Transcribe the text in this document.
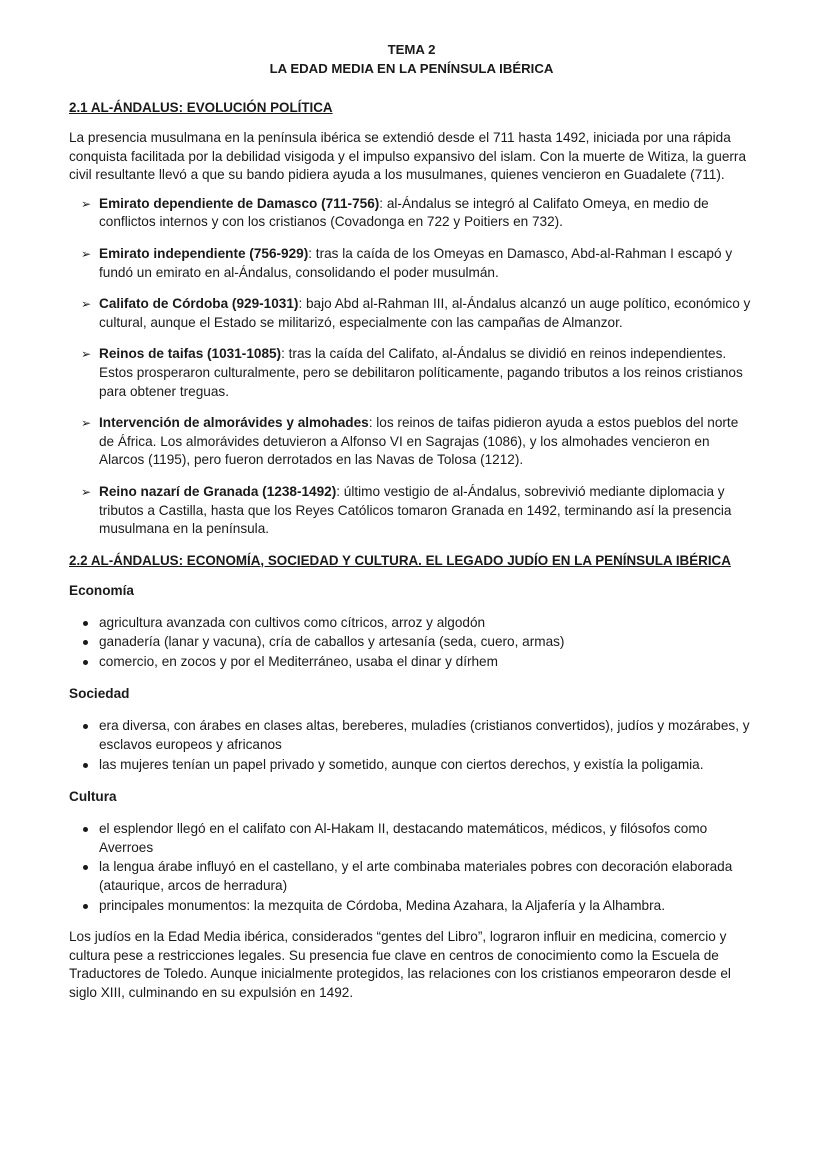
TEMA 2
LA EDAD MEDIA EN LA PENÍNSULA IBÉRICA
2.1 AL-ÁNDALUS: EVOLUCIÓN POLÍTICA

La presencia musulmana en la península ibérica se extendió desde el 711 hasta 1492, iniciada por una rápida conquista facilitada por la debilidad visigoda y el impulso expansivo del islam. Con la muerte de Witiza, la guerra civil resultante llevó a que su bando pidiera ayuda a los musulmanes, quienes vencieron en Guadalete (711).

➢ Emirato dependiente de Damasco (711-756): al-Ándalus se integró al Califato Omeya, en medio de conflictos internos y con los cristianos (Covadonga en 722 y Poitiers en 732).
➢ Emirato independiente (756-929): tras la caída de los Omeyas en Damasco, Abd-al-Rahman I escapó y fundó un emirato en al-Ándalus, consolidando el poder musulmán.
➢ Califato de Córdoba (929-1031): bajo Abd al-Rahman III, al-Ándalus alcanzó un auge político, económico y cultural, aunque el Estado se militarizó, especialmente con las campañas de Almanzor.
➢ Reinos de taifas (1031-1085): tras la caída del Califato, al-Ándalus se dividió en reinos independientes. Estos prosperaron culturalmente, pero se debilitaron políticamente, pagando tributos a los reinos cristianos para obtener treguas.
➢ Intervención de almorávides y almohades: los reinos de taifas pidieron ayuda a estos pueblos del norte de África. Los almorávides detuvieron a Alfonso VI en Sagrajas (1086), y los almohades vencieron en Alarcos (1195), pero fueron derrotados en las Navas de Tolosa (1212).
➢ Reino nazarí de Granada (1238-1492): último vestigio de al-Ándalus, sobrevivió mediante diplomacia y tributos a Castilla, hasta que los Reyes Católicos tomaron Granada en 1492, terminando así la presencia musulmana en la península.
2.2 AL-ÁNDALUS: ECONOMÍA, SOCIEDAD Y CULTURA. EL LEGADO JUDÍO EN LA PENÍNSULA IBÉRICA
Economía
agricultura avanzada con cultivos como cítricos, arroz y algodón
ganadería (lanar y vacuna), cría de caballos y artesanía (seda, cuero, armas)
comercio, en zocos y por el Mediterráneo, usaba el dinar y dírhem
Sociedad
era diversa, con árabes en clases altas, bereberes, muladíes (cristianos convertidos), judíos y mozárabes, y esclavos europeos y africanos
las mujeres tenían un papel privado y sometido, aunque con ciertos derechos, y existía la poligamia.
Cultura
el esplendor llegó en el califato con Al-Hakam II, destacando matemáticos, médicos, y filósofos como Averroes
la lengua árabe influyó en el castellano, y el arte combinaba materiales pobres con decoración elaborada (ataurique, arcos de herradura)
principales monumentos: la mezquita de Córdoba, Medina Azahara, la Aljafería y la Alhambra.

Los judíos en la Edad Media ibérica, considerados “gentes del Libro”, lograron influir en medicina, comercio y cultura pese a restricciones legales. Su presencia fue clave en centros de conocimiento como la Escuela de Traductores de Toledo. Aunque inicialmente protegidos, las relaciones con los cristianos empeoraron desde el siglo XIII, culminando en su expulsión en 1492.
